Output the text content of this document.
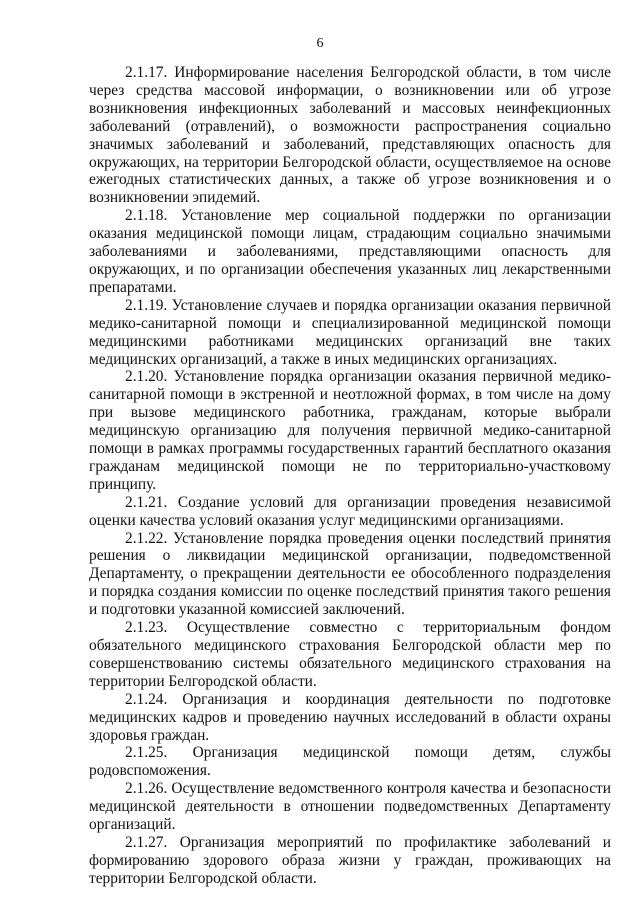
6

2.1.17. Информирование населения Белгородской области, в том числе через средства массовой информации, о возникновении или об угрозе возникновения инфекционных заболеваний и массовых неинфекционных заболеваний (отравлений), о возможности распространения социально значимых заболеваний и заболеваний, представляющих опасность для окружающих, на территории Белгородской области, осуществляемое на основе ежегодных статистических данных, а также об угрозе возникновения и о возникновении эпидемий.

2.1.18. Установление мер социальной поддержки по организации оказания медицинской помощи лицам, страдающим социально значимыми заболеваниями и заболеваниями, представляющими опасность для окружающих, и по организации обеспечения указанных лиц лекарственными препаратами.

2.1.19. Установление случаев и порядка организации оказания первичной медико-санитарной помощи и специализированной медицинской помощи медицинскими работниками медицинских организаций вне таких медицинских организаций, а также в иных медицинских организациях.

2.1.20. Установление порядка организации оказания первичной медико-санитарной помощи в экстренной и неотложной формах, в том числе на дому при вызове медицинского работника, гражданам, которые выбрали медицинскую организацию для получения первичной медико-санитарной помощи в рамках программы государственных гарантий бесплатного оказания гражданам медицинской помощи не по территориально-участковому принципу.

2.1.21. Создание условий для организации проведения независимой оценки качества условий оказания услуг медицинскими организациями.

2.1.22. Установление порядка проведения оценки последствий принятия решения о ликвидации медицинской организации, подведомственной Департаменту, о прекращении деятельности ее обособленного подразделения и порядка создания комиссии по оценке последствий принятия такого решения и подготовки указанной комиссией заключений.

2.1.23. Осуществление совместно с территориальным фондом обязательного медицинского страхования Белгородской области мер по совершенствованию системы обязательного медицинского страхования на территории Белгородской области.

2.1.24. Организация и координация деятельности по подготовке медицинских кадров и проведению научных исследований в области охраны здоровья граждан.

2.1.25. Организация медицинской помощи детям, службы родовспоможения.

2.1.26. Осуществление ведомственного контроля качества и безопасности медицинской деятельности в отношении подведомственных Департаменту организаций.

2.1.27. Организация мероприятий по профилактике заболеваний и формированию здорового образа жизни у граждан, проживающих на территории Белгородской области.
